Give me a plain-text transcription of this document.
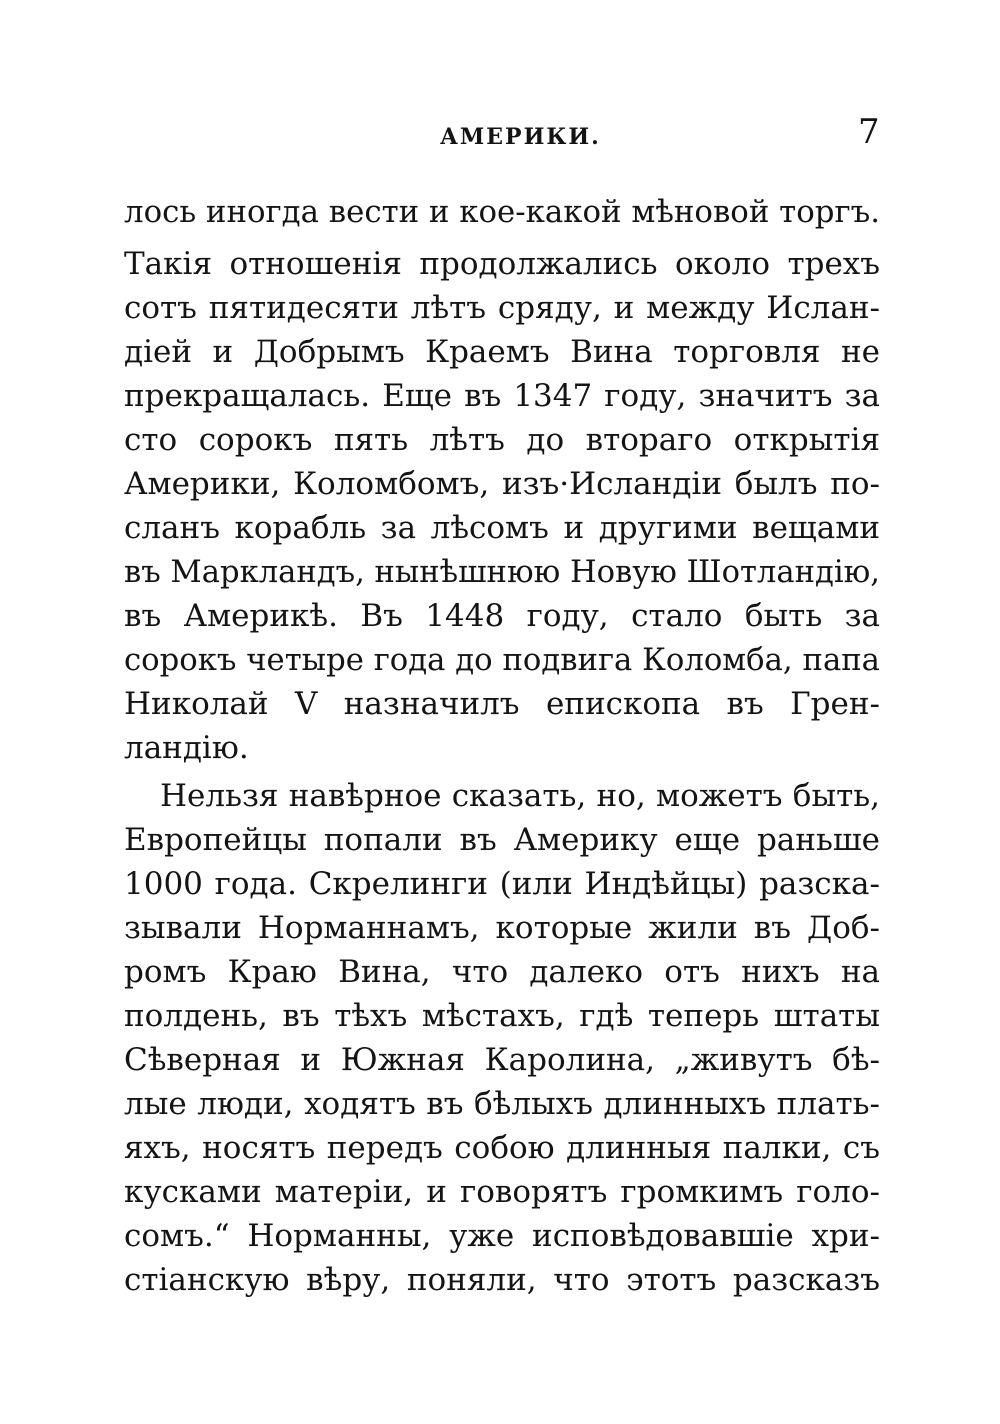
АМЕРИКИ.	7
лось иногда вести и кое-какой мѣновой торгъ.
Такія отношенія продолжались около трехъ
сотъ пятидесяти лѣтъ сряду, и между Ислан-
діей и Добрымъ Краемъ Вина торговля не
прекращалась. Еще въ 1347 году, значитъ за
сто сорокъ пять лѣтъ до втораго открытія
Америки, Коломбомъ, изъ·Исландіи былъ по-
сланъ корабль за лѣсомъ и другими вещами
въ Маркландъ, нынѣшнюю Новую Шотландію,
въ Америкѣ. Въ 1448 году, стало быть за
сорокъ четыре года до подвига Коломба, папа
Николай V назначилъ епископа въ Грен-
ландію.
Нельзя навѣрное сказать, но, можетъ быть,
Европейцы попали въ Америку еще раньше
1000 года. Скрелинги (или Индѣйцы) разска-
зывали Норманнамъ, которые жили въ Доб-
ромъ Краю Вина, что далеко отъ нихъ на
полдень, въ тѣхъ мѣстахъ, гдѣ теперь штаты
Сѣверная и Южная Каролина, „живутъ бѣ-
лые люди, ходятъ въ бѣлыхъ длинныхъ плать-
яхъ, носятъ передъ собою длинныя палки, съ
кусками матеріи, и говорятъ громкимъ голо-
сомъ.“ Норманны, уже исповѣдовавшіе хри-
стіанскую вѣру, поняли, что этотъ разсказъ
